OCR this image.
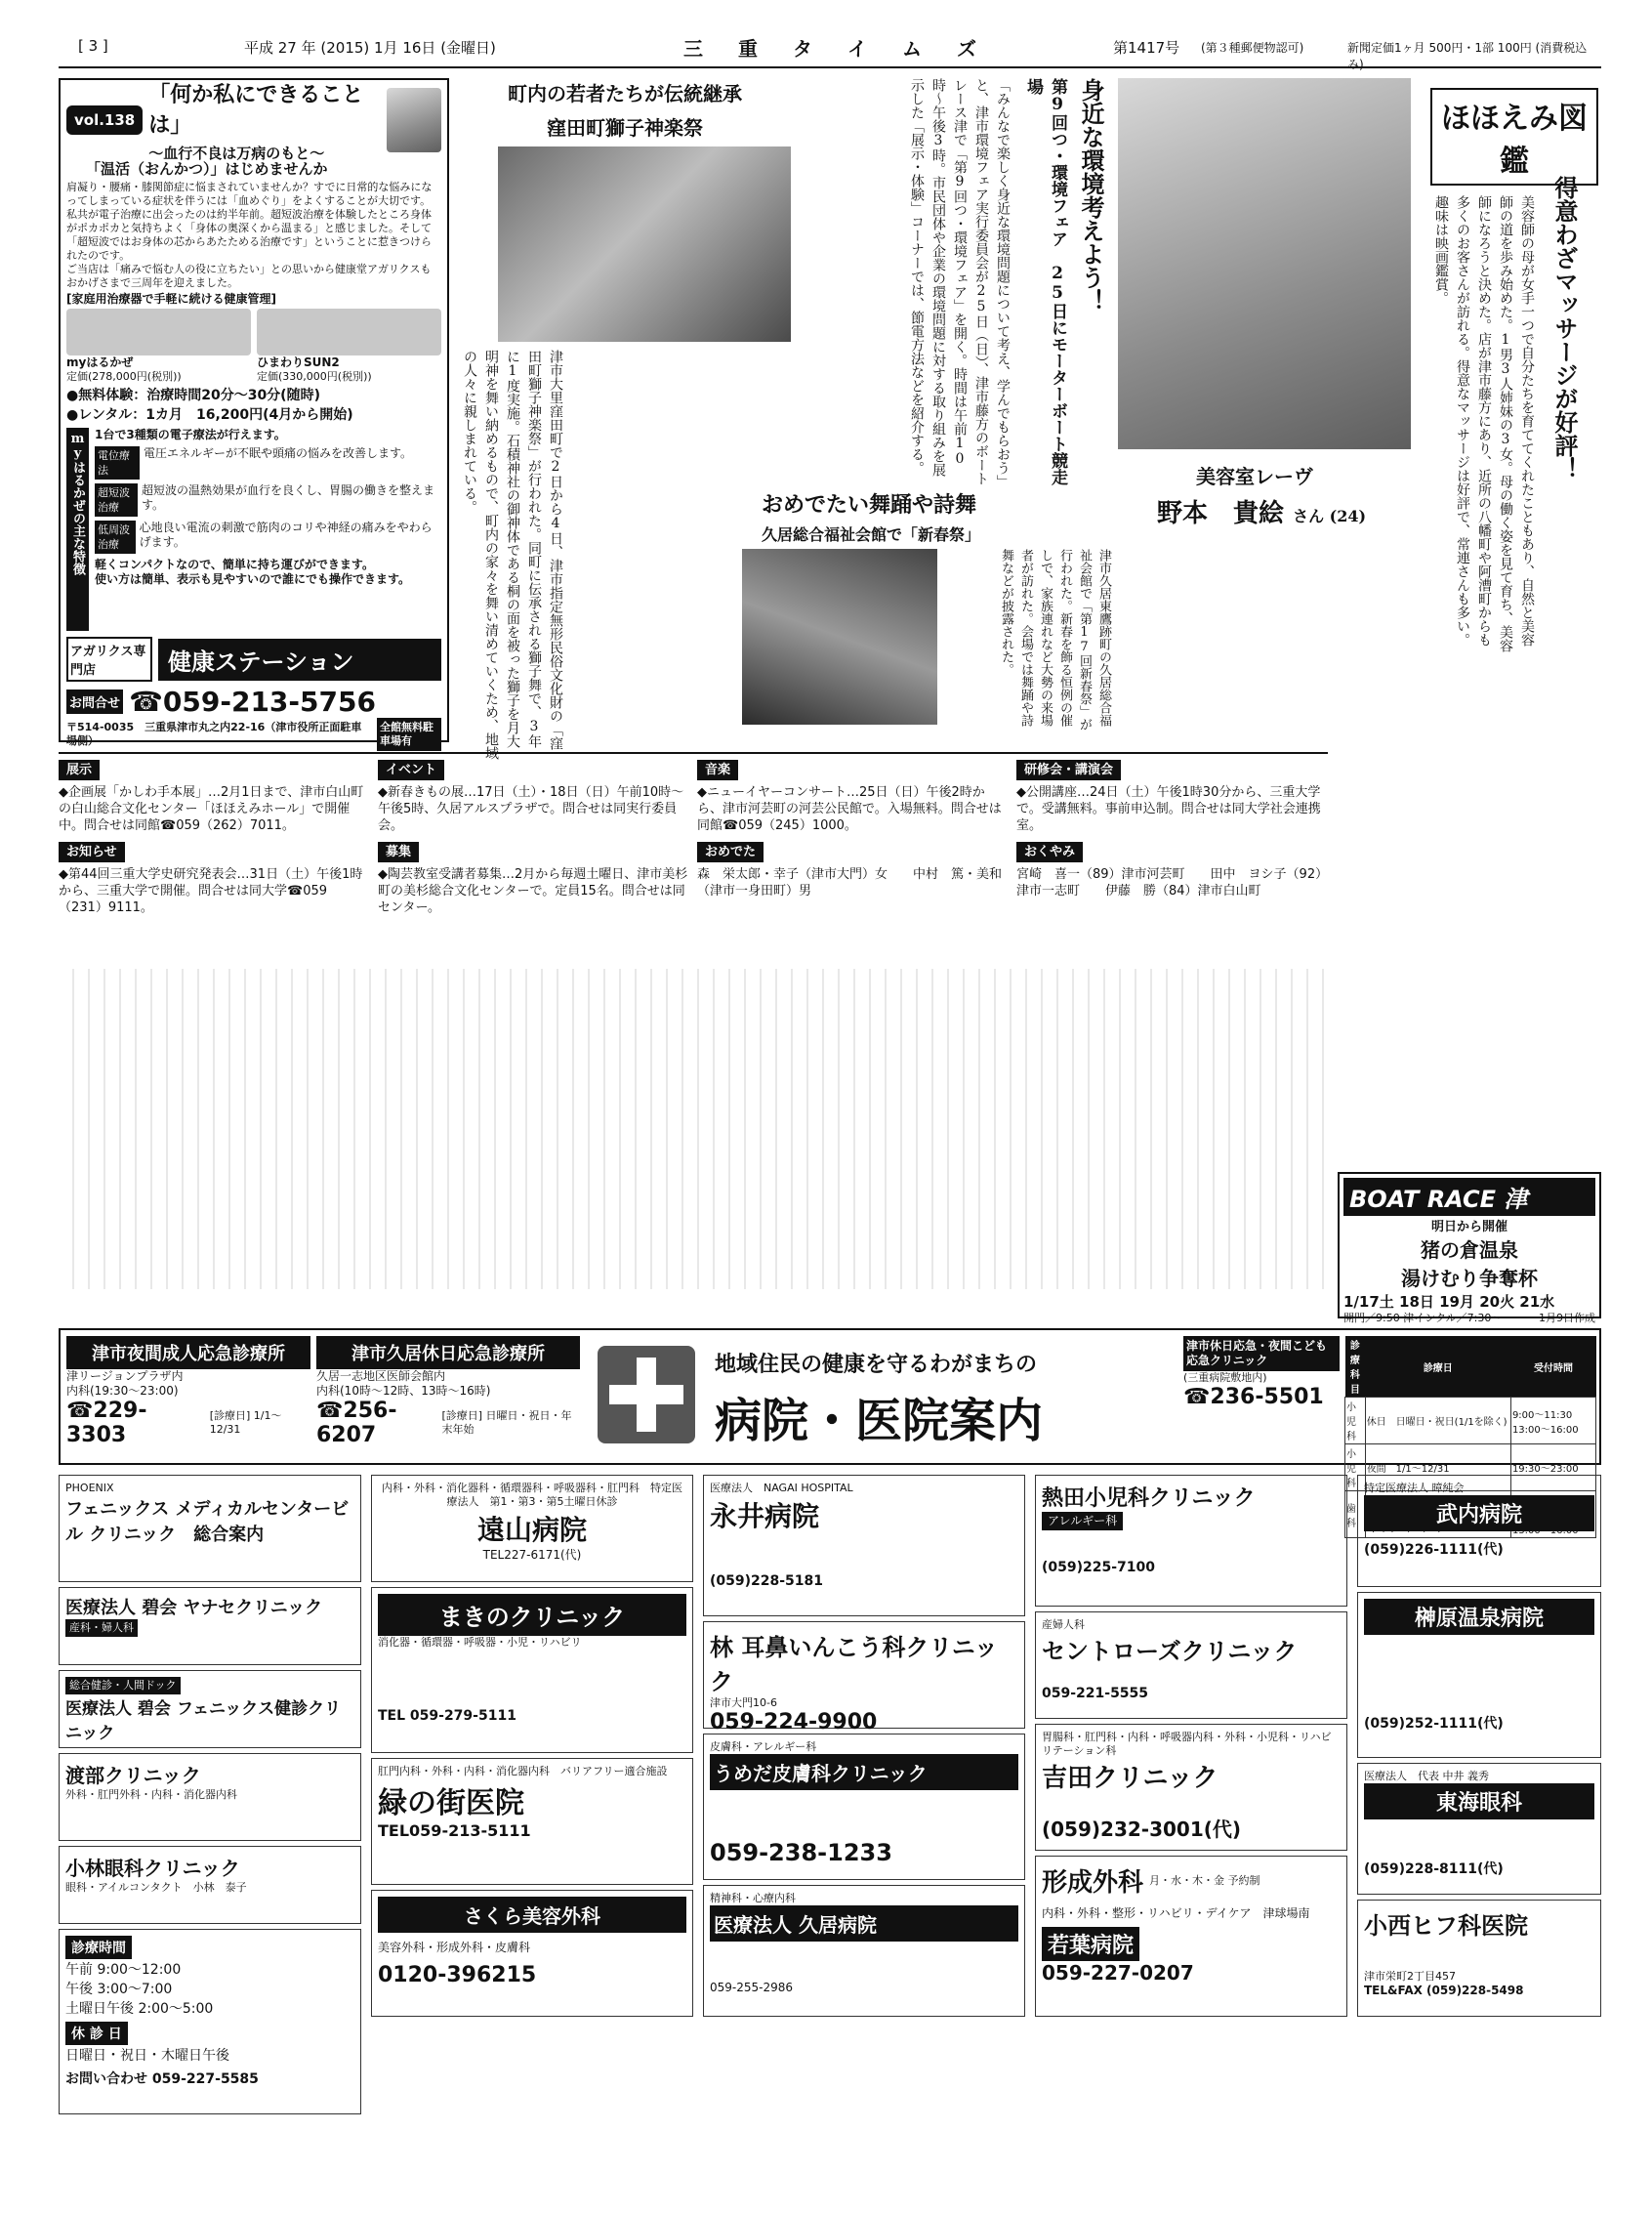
[ 3 ]	平成 27 年 (2015) 1月 16日 (金曜日)	三　重　タ　イ　ム　ズ	第1417号 (第３種郵便物認可)	新聞定価1ヶ月 500円・1部 100円 (消費税込み)
vol.138
「何か私にできることは」
〜血行不良は万病のもと〜
「温活（おんかつ）」はじめませんか
肩凝り・腰痛・膝関節症に悩まされていませんか？すでに日常的な悩みになってしまっている症状を伴うには「血めぐり」をよくすることが大切です。私共が電子治療に出会ったのは約半年前。超短波治療を体験したところ身体がポカポカと気持ちよく「身体の奥深くから温まる」と感じました。そして「超短波ではお身体の芯からあたためる治療です」ということに惹きつけられたのです。
ご当店は「痛みで悩む人の役に立ちたい」との思いから健康堂アガリクスもおかげさまで三周年を迎えました。
[家庭用治療器で手軽に続ける健康管理]
myはるかぜ
定価(278,000円(税別))
ひまわりSUN2
定価(330,000円(税別))
●無料体験：治療時間20分〜30分(随時)
●レンタル：1カ月　16,200円(4月から開始)
myはるかぜの主な特徴 1台で3種類の電子療法が行えます。
電位療法
電圧エネルギーが不眠や頭痛の悩みを改善します。
超短波治療
超短波の温熱効果が血行を良くし、胃腸の働きを整えます。
低周波治療
心地良い電流の刺激で筋肉のコリや神経の痛みをやわらげます。
軽くコンパクトなので、簡単に持ち運びができます。
使い方は簡単、表示も見やすいので誰にでも操作できます。
アガリクス専門店	健康ステーション
お問合せ ☎059-213-5756
〒514-0035　三重県津市丸之内22-16（津市役所正面駐車場側）
全館無料駐車場有
町内の若者たちが伝統継承
窪田町獅子神楽祭
津市大里窪田町で2日から4日、津市指定無形民俗文化財の「窪田町獅子神楽祭」が行われた。同町に伝承される獅子舞で、3年に1度実施。石積神社の御神体である桐の面を被った獅子を月大明神を舞い納めるもので、町内の家々を舞い清めていくため、地域の人々に親しまれている。
身近な環境考えよう！
第9回つ・環境フェア　25日にモーターボート競走場
「みんなで楽しく身近な環境問題について考え、学んでもらおう」と、津市環境フェア実行委員会が25日（日）、津市藤方のボートレース津で「第9回つ・環境フェア」を開く。時間は午前10時〜午後3時。市民団体や企業の環境問題に対する取り組みを展示した「展示・体験」コーナーでは、節電方法などを紹介する。
おめでたい舞踊や詩舞
久居総合福祉会館で「新春祭」
津市久居東鷹跡町の久居総合福祉会館で「第17回新春祭」が行われた。新春を飾る恒例の催しで、家族連れなど大勢の来場者が訪れた。会場では舞踊や詩舞などが披露された。
ほほえみ図鑑
得意わざマッサージが好評！
美容師の母が女手一つで自分たちを育ててくれたこともあり、自然と美容師の道を歩み始めた。1男3人姉妹の3女。母の働く姿を見て育ち、美容師になろうと決めた。店が津市藤方にあり、近所の八幡町や阿漕町からも多くのお客さんが訪れる。得意なマッサージは好評で、常連さんも多い。趣味は映画鑑賞。
美容室レーヴ
野本　貴絵 さん (24)
展示
◆企画展「かしわ手本展」…2月1日まで、津市白山町の白山総合文化センター「ほほえみホール」で開催中。問合せは同館☎059（262）7011。
イベント
◆新春きもの展…17日（土）・18日（日）午前10時〜午後5時、久居アルスプラザで。問合せは同実行委員会。
音楽
◆ニューイヤーコンサート…25日（日）午後2時から、津市河芸町の河芸公民館で。入場無料。問合せは同館☎059（245）1000。
研修会・講演会
◆公開講座…24日（土）午後1時30分から、三重大学で。受講無料。事前申込制。問合せは同大学社会連携室。
お知らせ
◆第44回三重大学史研究発表会…31日（土）午後1時から、三重大学で開催。問合せは同大学☎059（231）9111。
募集
◆陶芸教室受講者募集…2月から毎週土曜日、津市美杉町の美杉総合文化センターで。定員15名。問合せは同センター。
おめでた
森　栄太郎・幸子（津市大門）女　　中村　篤・美和（津市一身田町）男
おくやみ
宮崎　喜一（89）津市河芸町　　田中　ヨシ子（92）津市一志町　　伊藤　勝（84）津市白山町
BOAT RACE 津
明日から開催
猪の倉温泉
湯けむり争奪杯
1/17土 18日 19月 20火 21水
開門／9:50 津インクル／7:30〜	1月9日作成
津市夜間成人応急診療所
津リージョンプラザ内
内科(19:30〜23:00)
☎229-3303
[診療日] 1/1〜12/31
津市久居休日応急診療所
久居一志地区医師会館内
内科(10時〜12時、13時〜16時)
☎256-6207
[診療日] 日曜日・祝日・年末年始
地域住民の健康を守るわがまちの
病院・医院案内
津市休日応急・夜間こども応急クリニック
(三重病院敷地内)
☎236-5501
診療科目	診療日	受付時間
小児科	休日　日曜日・祝日(1/1を除く)	9:00〜11:30 13:00〜16:00
小児科	夜間　1/1〜12/31	19:30〜23:00
歯科		
PHOENIX
フェニックス メディカルセンタービル クリニック　総合案内
医療法人 碧会 ヤナセクリニック
産科・婦人科
総合健診・人間ドック
医療法人 碧会 フェニックス健診クリニック
渡部クリニック
外科・肛門外科・内科・消化器内科
小林眼科クリニック
眼科・アイルコンタクト　小林　泰子
診療時間
午前 9:00〜12:00
午後 3:00〜7:00
土曜日午後 2:00〜5:00
休 診 日
日曜日・祝日・木曜日午後
お問い合わせ 059-227-5585
内科・外科・消化器科・循環器科・呼吸器科・肛門科　特定医療法人　第1・第3・第5土曜日休診
遠山病院
TEL227-6171(代)
まきのクリニック
消化器・循環器・呼吸器・小児・リハビリ
TEL 059-279-5111
肛門内科・外科・内科・消化器内科　バリアフリー適合施設
緑の街医院
TEL059-213-5111
さくら美容外科
美容外科・形成外科・皮膚科
0120-396215
医療法人　NAGAI HOSPITAL
永井病院
(059)228-5181
林 耳鼻いんこう科クリニック
津市大門10-6
059-224-9900
皮膚科・アレルギー科
うめだ皮膚科クリニック
059-238-1233
精神科・心療内科
医療法人 久居病院
059-255-2986
熱田小児科クリニック
アレルギー科
(059)225-7100
産婦人科
セントローズクリニック
059-221-5555
胃腸科・肛門科・内科・呼吸器内科・外科・小児科・リハビリテーション科
吉田クリニック
(059)232-3001(代)
形成外科 月・水・木・金 予約制
内科・外科・整形・リハビリ・デイケア　津球場南
若葉病院
059-227-0207
特定医療法人 暲純会
武内病院
(059)226-1111(代)
榊原温泉病院
(059)252-1111(代)
医療法人　代表 中井 義秀
東海眼科
(059)228-8111(代)
小西ヒフ科医院
津市栄町2丁目457
TEL&FAX (059)228-5498
